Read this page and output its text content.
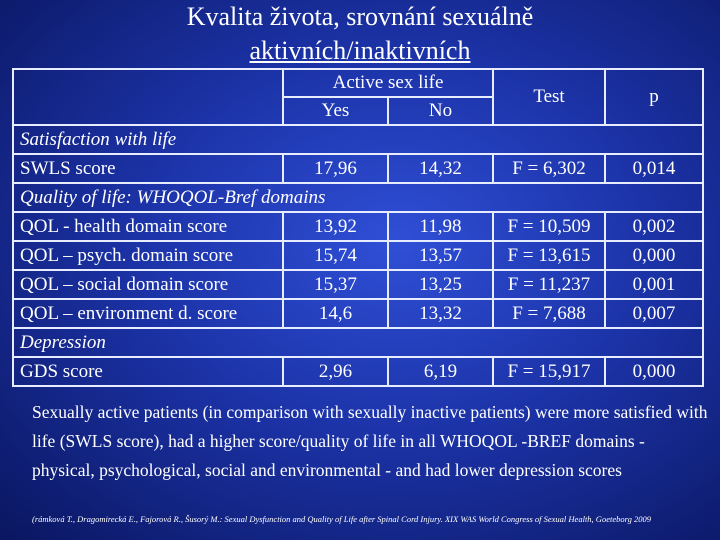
Kvalita života, srovnání sexuálně
aktivních/inaktivních
	Active sex life		Test	p
	Yes	No		
Satisfaction with life				
SWLS score	17,96	14,32	F = 6,302	0,014
Quality of life: WHOQOL-Bref domains				
QOL - health domain score	13,92	11,98	F = 10,509	0,002
QOL – psych. domain score	15,74	13,57	F = 13,615	0,000
QOL – social domain score	15,37	13,25	F = 11,237	0,001
QOL – environment d. score	14,6	13,32	F = 7,688	0,007
Depression				
GDS score	2,96	6,19	F = 15,917	0,000
Sexually active patients (in comparison with sexually inactive patients) were more satisfied with life (SWLS score), had a higher score/quality of life in all WHOQOL -BREF domains - physical, psychological, social and environmental - and had lower depression scores
(rámková T., Dragomirecká E., Fajorová R., Šusorý M.: Sexual Dysfunction and Quality of Life after Spinal Cord Injury. XIX WAS World Congress of Sexual Health, Goeteborg 2009
